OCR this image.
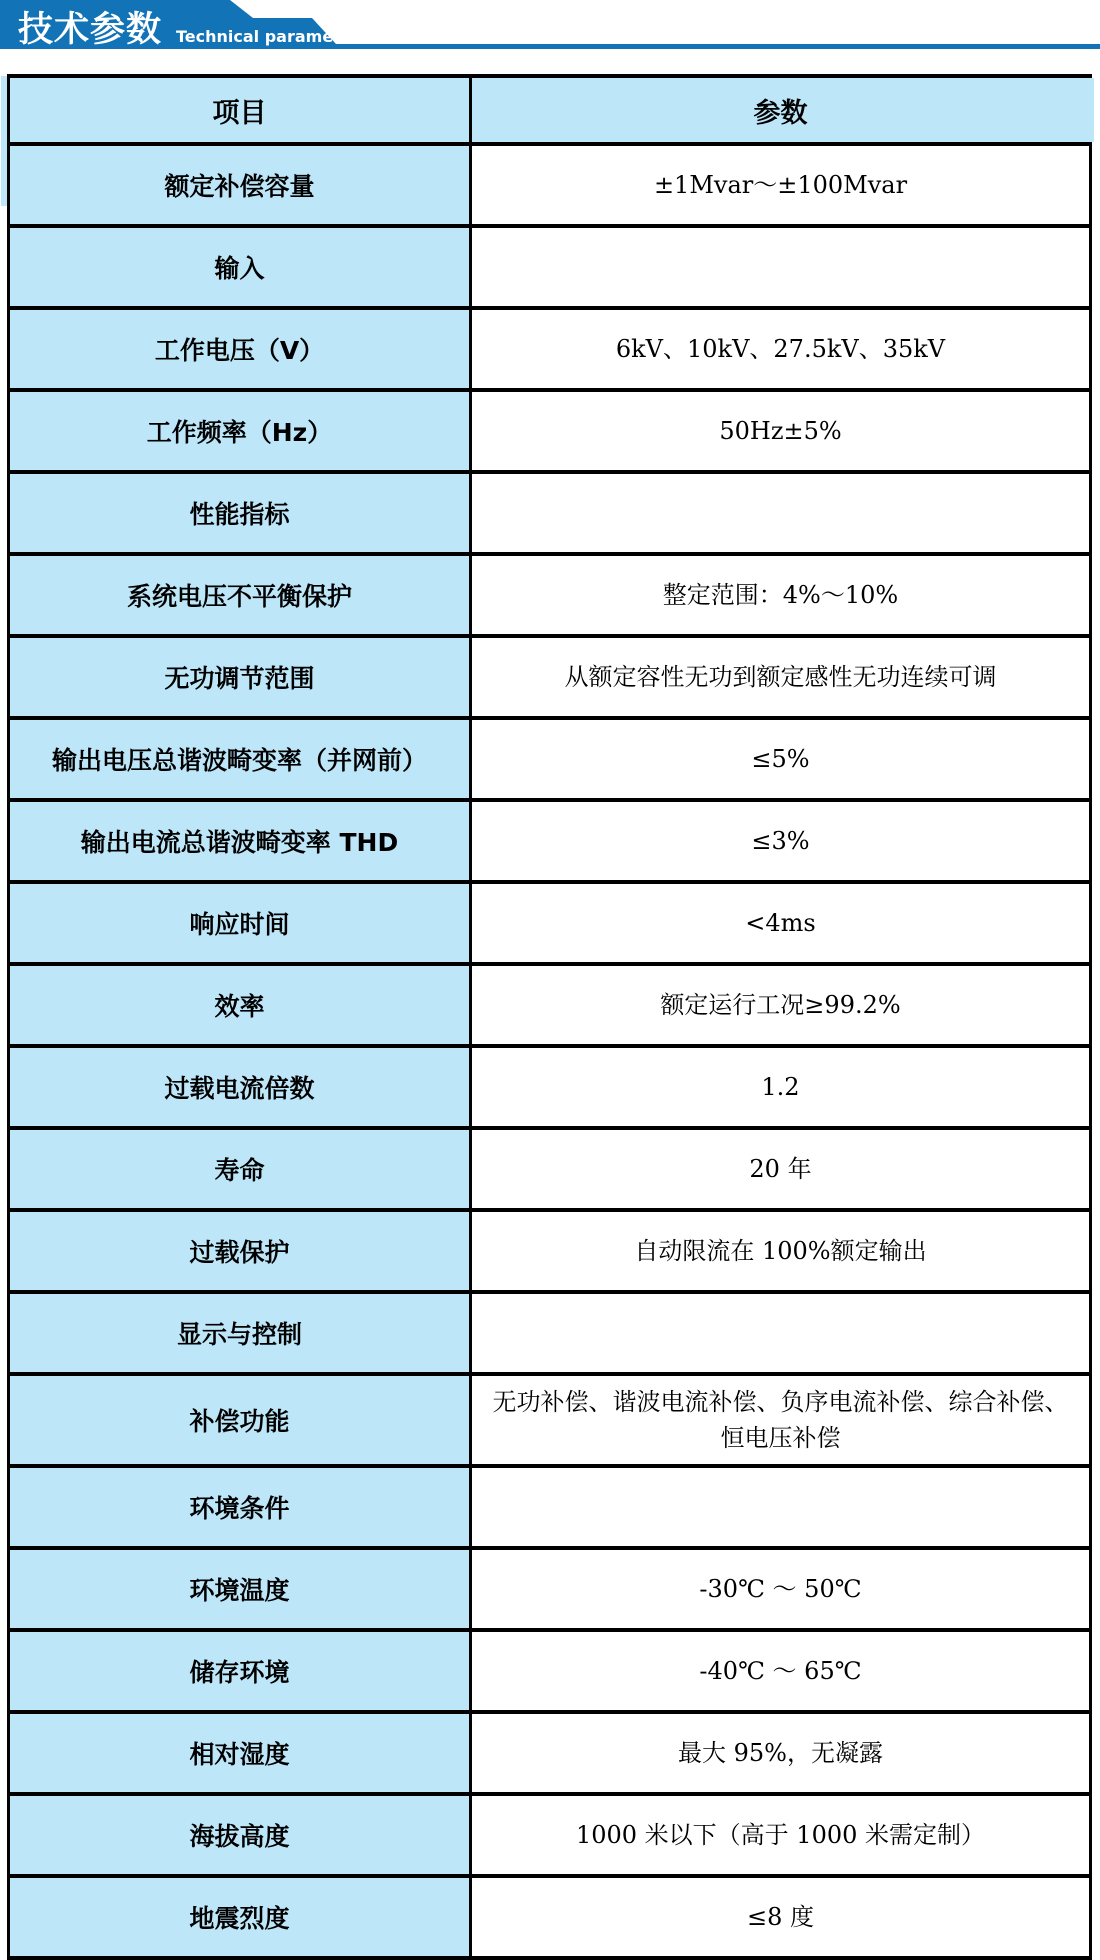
技术参数 Technical parameter
项目	参数
额定补偿容量	±1Mvar～±100Mvar
输入	
工作电压（V）	6kV、10kV、27.5kV、35kV
工作频率（Hz）	50Hz±5%
性能指标	
系统电压不平衡保护	整定范围：4%～10%
无功调节范围	从额定容性无功到额定感性无功连续可调
输出电压总谐波畸变率（并网前）	≤5%
输出电流总谐波畸变率 THD	≤3%
响应时间	<4ms
效率	额定运行工况≥99.2%
过载电流倍数	1.2
寿命	20 年
过载保护	自动限流在 100%额定输出
显示与控制	
补偿功能	无功补偿、谐波电流补偿、负序电流补偿、综合补偿、恒电压补偿
环境条件	
环境温度	-30℃ ～ 50℃
储存环境	-40℃ ～ 65℃
相对湿度	最大 95%，无凝露
海拔高度	1000 米以下（高于 1000 米需定制）
地震烈度	≤8 度
